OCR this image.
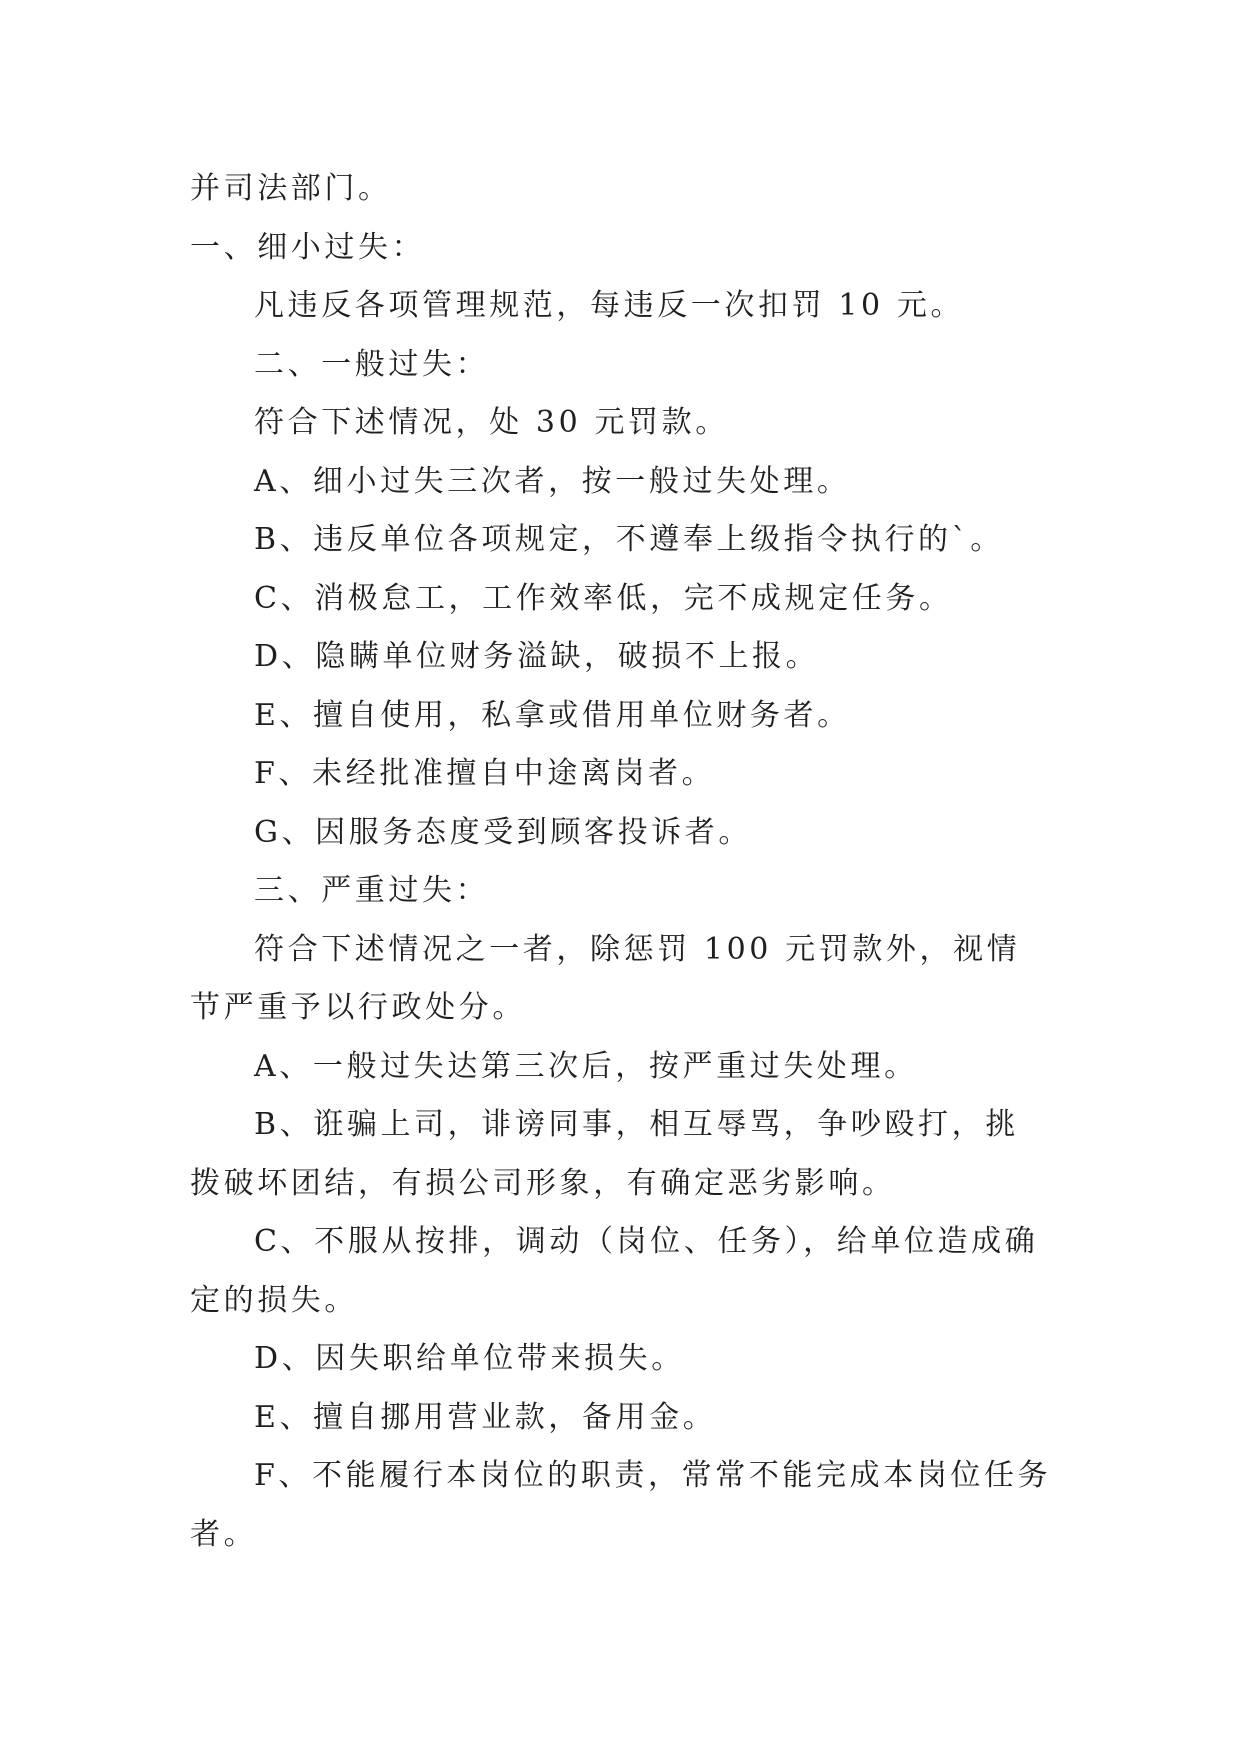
并司法部门。

一、细小过失：

凡违反各项管理规范，每违反一次扣罚 10 元。

二、一般过失：

符合下述情况，处 30 元罚款。

A、细小过失三次者，按一般过失处理。

B、违反单位各项规定，不遵奉上级指令执行的`。

C、消极怠工，工作效率低，完不成规定任务。

D、隐瞒单位财务溢缺，破损不上报。

E、擅自使用，私拿或借用单位财务者。

F、未经批准擅自中途离岗者。

G、因服务态度受到顾客投诉者。

三、严重过失：

符合下述情况之一者，除惩罚 100 元罚款外，视情节严重予以行政处分。

A、一般过失达第三次后，按严重过失处理。

B、诳骗上司，诽谤同事，相互辱骂，争吵殴打，挑拨破坏团结，有损公司形象，有确定恶劣影响。

C、不服从按排，调动（岗位、任务），给单位造成确定的损失。

D、因失职给单位带来损失。

E、擅自挪用营业款，备用金。

F、不能履行本岗位的职责，常常不能完成本岗位任务者。
